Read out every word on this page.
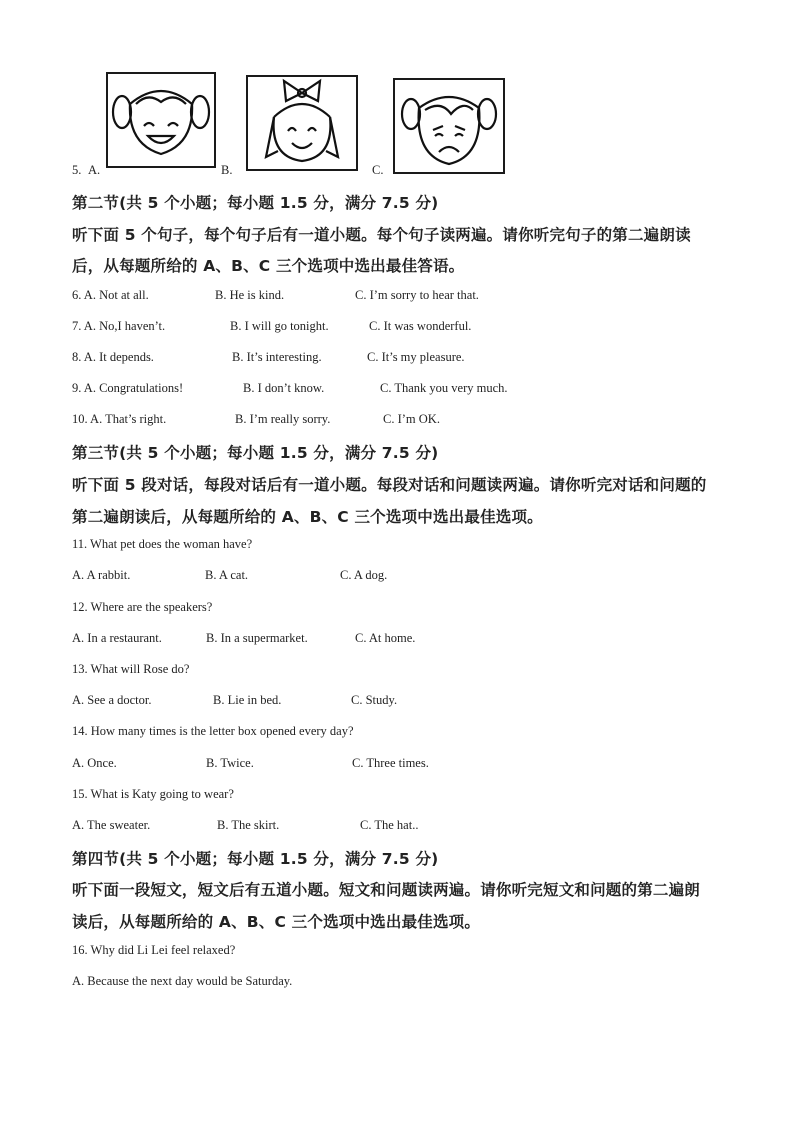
5. A.	B.	C.
第二节(共 5 个小题；每小题 1.5 分，满分 7.5 分)
听下面 5 个句子，每个句子后有一道小题。每个句子读两遍。请你听完句子的第二遍朗读
后，从每题所给的 A、B、C 三个选项中选出最佳答语。
6. A. Not at all.	B. He is kind.	C. I’m sorry to hear that.
7. A. No,I haven’t.	B. I will go tonight.	C. It was wonderful.
8. A. It depends.	B. It’s interesting.	C. It’s my pleasure.
9. A. Congratulations!	B. I don’t know.	C. Thank you very much.
10. A. That’s right.	B. I’m really sorry.	C. I’m OK.
第三节(共 5 个小题；每小题 1.5 分，满分 7.5 分)
听下面 5 段对话，每段对话后有一道小题。每段对话和问题读两遍。请你听完对话和问题的
第二遍朗读后，从每题所给的 A、B、C 三个选项中选出最佳选项。
11. What pet does the woman have?
A. A rabbit.	B. A cat.	C. A dog.
12. Where are the speakers?
A. In a restaurant.	B. In a supermarket.	C. At home.
13. What will Rose do?
A. See a doctor.	B. Lie in bed.	C. Study.
14. How many times is the letter box opened every day?
A. Once.	B. Twice.	C. Three times.
15. What is Katy going to wear?
A. The sweater.	B. The skirt.	C. The hat..
第四节(共 5 个小题；每小题 1.5 分，满分 7.5 分)
听下面一段短文，短文后有五道小题。短文和问题读两遍。请你听完短文和问题的第二遍朗
读后，从每题所给的 A、B、C 三个选项中选出最佳选项。
16. Why did Li Lei feel relaxed?
A. Because the next day would be Saturday.
